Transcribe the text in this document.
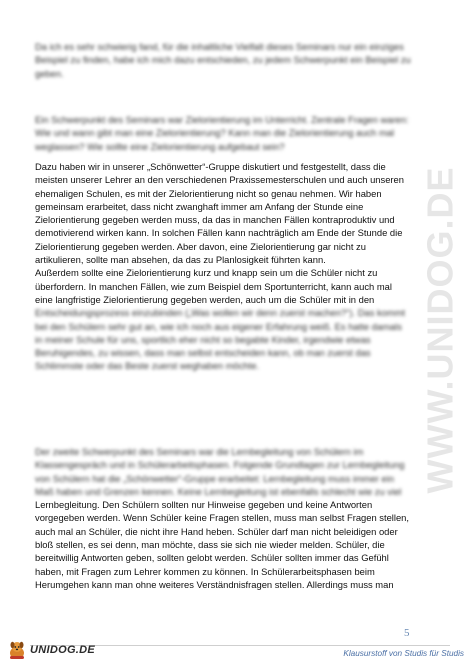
Da ich es sehr schwierig fand, für die inhaltliche Vielfalt dieses Seminars nur ein einziges
Beispiel zu finden, habe ich mich dazu entschieden, zu jedem Schwerpunkt ein Beispiel zu
geben.
Ein Schwerpunkt des Seminars war Zielorientierung im Unterricht. Zentrale Fragen waren:
Wie und wann gibt man eine Zielorientierung? Kann man die Zielorientierung auch mal
weglassen? Wie sollte eine Zielorientierung aufgebaut sein?
Dazu haben wir in unserer „Schönwetter“-Gruppe diskutiert und festgestellt, dass die
meisten unserer Lehrer an den verschiedenen Praxissemesterschulen und auch unseren
ehemaligen Schulen, es mit der Zielorientierung nicht so genau nehmen. Wir haben
gemeinsam erarbeitet, dass nicht zwanghaft immer am Anfang der Stunde eine
Zielorientierung gegeben werden muss, da das in manchen Fällen kontraproduktiv und
demotivierend wirken kann. In solchen Fällen kann nachträglich am Ende der Stunde die
Zielorientierung gegeben werden. Aber davon, eine Zielorientierung gar nicht zu
artikulieren, sollte man absehen, da das zu Planlosigkeit führten kann.
Außerdem sollte eine Zielorientierung kurz und knapp sein um die Schüler nicht zu
überfordern. In manchen Fällen, wie zum Beispiel dem Sportunterricht, kann auch mal
eine langfristige Zielorientierung gegeben werden, auch um die Schüler mit in den
Entscheidungsprozess einzubinden („Was wollen wir denn zuerst machen?“). Das kommt
bei den Schülern sehr gut an, wie ich noch aus eigener Erfahrung weiß. Es hatte damals
in meiner Schule für uns, sportlich eher nicht so begabte Kinder, irgendwie etwas
Beruhigendes, zu wissen, dass man selbst entscheiden kann, ob man zuerst das
Schlimmste oder das Beste zuerst weghaben möchte.
Der zweite Schwerpunkt des Seminars war die Lernbegleitung von Schülern im
Klassengespräch und in Schülerarbeitsphasen. Folgende Grundlagen zur Lernbegleitung
von Schülern hat die „Schönwetter“-Gruppe erarbeitet: Lernbegleitung muss immer ein
Maß haben und Grenzen kennen. Keine Lernbegleitung ist ebenfalls schlecht wie zu viel
Lernbegleitung. Den Schülern sollten nur Hinweise gegeben und keine Antworten
vorgegeben werden. Wenn Schüler keine Fragen stellen, muss man selbst Fragen stellen,
auch mal an Schüler, die nicht ihre Hand heben. Schüler darf man nicht beleidigen oder
bloß stellen, es sei denn, man möchte, dass sie sich nie wieder melden. Schüler, die
bereitwillig Antworten geben, sollten gelobt werden. Schüler sollten immer das Gefühl
haben, mit Fragen zum Lehrer kommen zu können. In Schülerarbeitsphasen beim
Herumgehen kann man ohne weiteres Verständnisfragen stellen. Allerdings muss man
WWW.UNIDOG.DE
5
UNIDOG.DE	Klausurstoff von Studis für Studis
